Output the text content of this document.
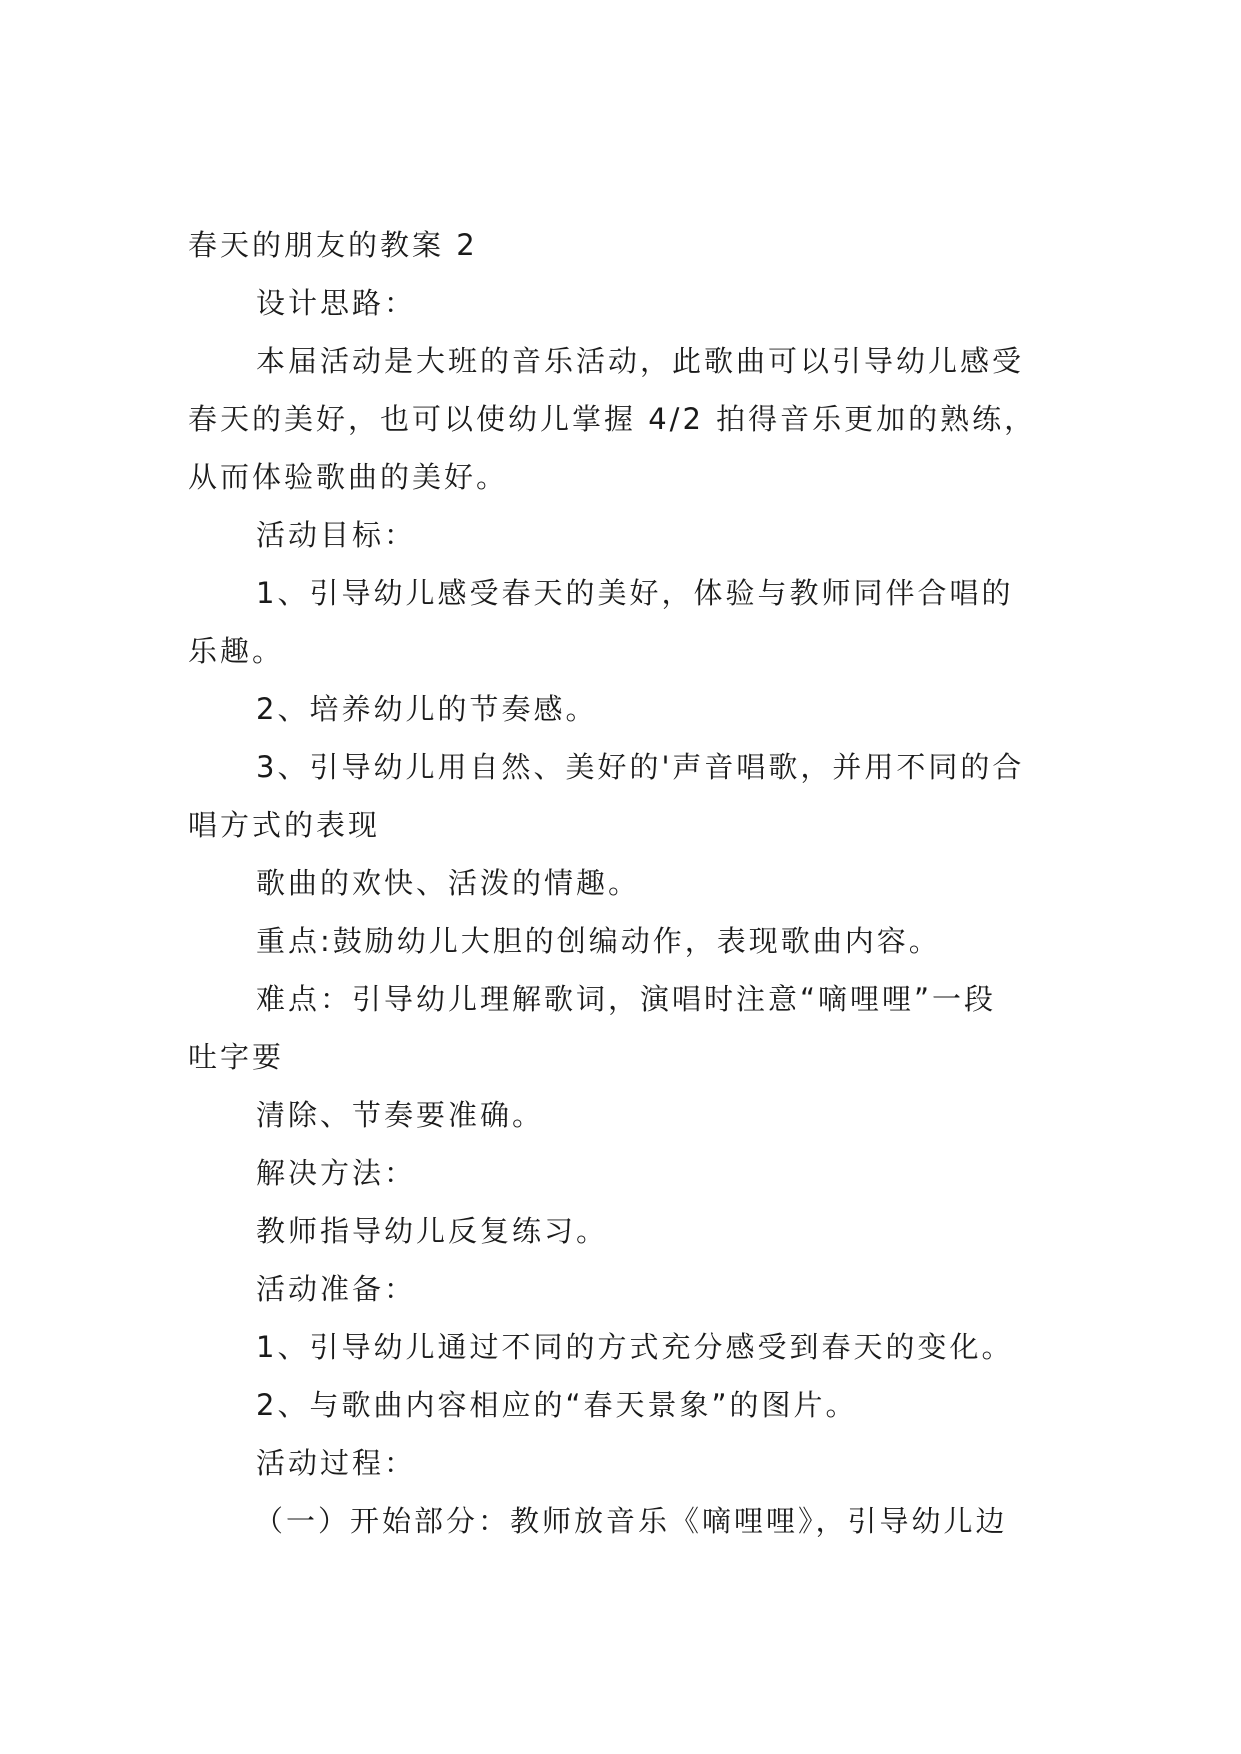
春天的朋友的教案 2
设计思路：
本届活动是大班的音乐活动，此歌曲可以引导幼儿感受
春天的美好，也可以使幼儿掌握 4/2 拍得音乐更加的熟练，
从而体验歌曲的美好。
活动目标：
1、引导幼儿感受春天的美好，体验与教师同伴合唱的
乐趣。
2、培养幼儿的节奏感。
3、引导幼儿用自然、美好的'声音唱歌，并用不同的合
唱方式的表现
歌曲的欢快、活泼的情趣。
重点:鼓励幼儿大胆的创编动作，表现歌曲内容。
难点：引导幼儿理解歌词，演唱时注意“嘀哩哩”一段
吐字要
清除、节奏要准确。
解决方法：
教师指导幼儿反复练习。
活动准备：
1、引导幼儿通过不同的方式充分感受到春天的变化。
2、与歌曲内容相应的“春天景象”的图片。
活动过程：
（一）开始部分：教师放音乐《嘀哩哩》，引导幼儿边
